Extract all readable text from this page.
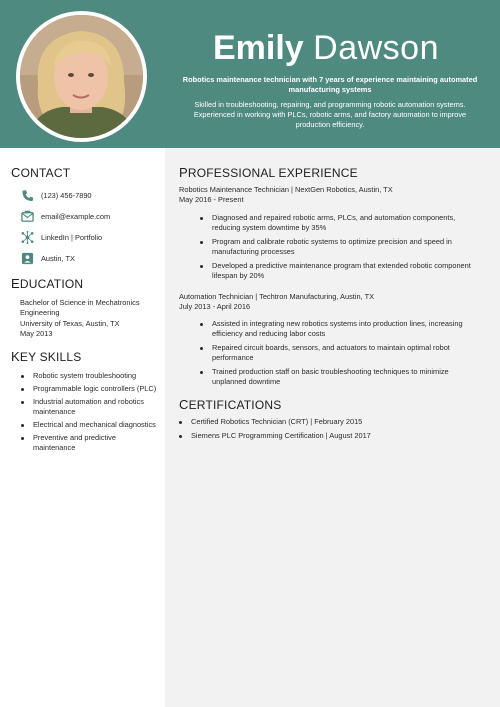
Emily Dawson
Robotics maintenance technician with 7 years of experience maintaining automated manufacturing systems
Skilled in troubleshooting, repairing, and programming robotic automation systems. Experienced in working with PLCs, robotic arms, and factory automation to improve production efficiency.
CONTACT
(123) 456-7890
email@example.com
LinkedIn | Portfolio
Austin, TX
EDUCATION
Bachelor of Science in Mechatronics Engineering
University of Texas, Austin, TX
May 2013
KEY SKILLS
Robotic system troubleshooting
Programmable logic controllers (PLC)
Industrial automation and robotics maintenance
Electrical and mechanical diagnostics
Preventive and predictive maintenance
PROFESSIONAL EXPERIENCE
Robotics Maintenance Technician | NextGen Robotics, Austin, TX
May 2016 - Present
Diagnosed and repaired robotic arms, PLCs, and automation components, reducing system downtime by 35%
Program and calibrate robotic systems to optimize precision and speed in manufacturing processes
Developed a predictive maintenance program that extended robotic component lifespan by 20%
Automation Technician | Techtron Manufacturing, Austin, TX
July 2013 - April 2016
Assisted in integrating new robotics systems into production lines, increasing efficiency and reducing labor costs
Repaired circuit boards, sensors, and actuators to maintain optimal robot performance
Trained production staff on basic troubleshooting techniques to minimize unplanned downtime
CERTIFICATIONS
Certified Robotics Technician (CRT) | February 2015
Siemens PLC Programming Certification | August 2017
